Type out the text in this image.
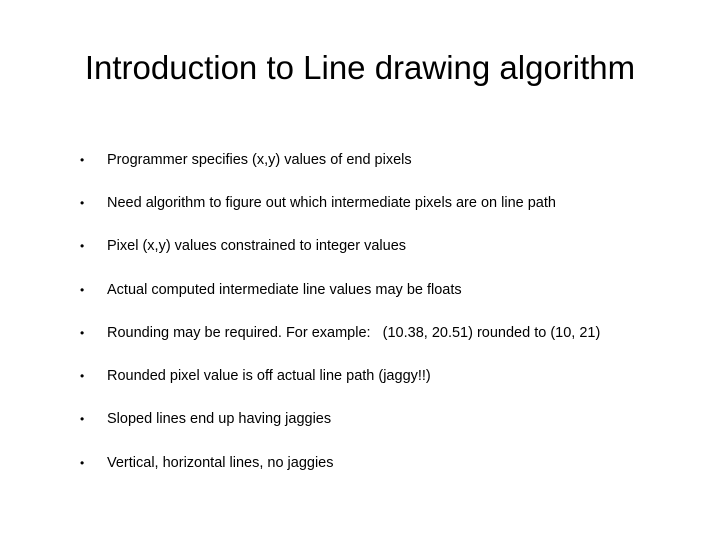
Introduction to Line drawing algorithm
•	Programmer specifies (x,y) values of end pixels
•	Need algorithm to figure out which intermediate pixels are on line path
•	Pixel (x,y) values constrained to integer values
•	Actual computed intermediate line values may be floats
•	Rounding may be required. For example:   (10.38, 20.51) rounded to (10, 21)
•	Rounded pixel value is off actual line path (jaggy!!)
•	Sloped lines end up having jaggies
•	Vertical, horizontal lines, no jaggies
